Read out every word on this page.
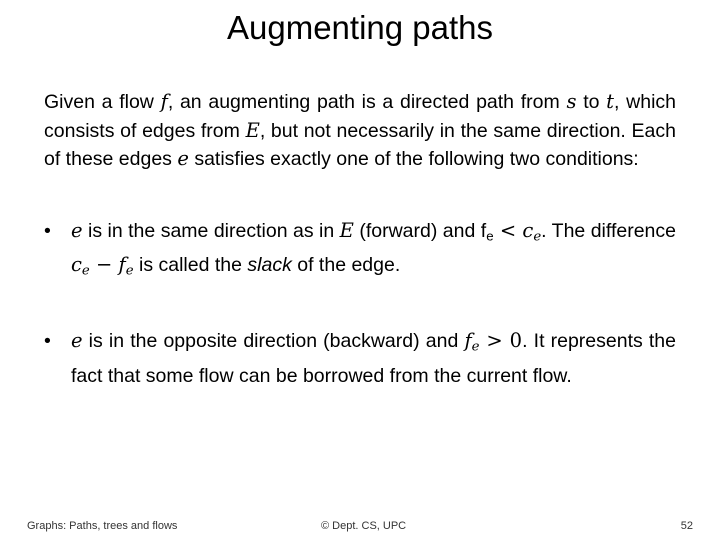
Augmenting paths

Given a flow f, an augmenting path is a directed path from s to t, which consists of edges from E, but not necessarily in the same direction. Each of these edges e satisfies exactly one of the following two conditions:

• e is in the same direction as in E (forward) and $f_e < c_e$. The difference $c_e - f_e$ is called the slack of the edge.
• e is in the opposite direction (backward) and $f_e > 0$. It represents the fact that some flow can be borrowed from the current flow.
Graphs: Paths, trees and flows	© Dept. CS, UPC	52
